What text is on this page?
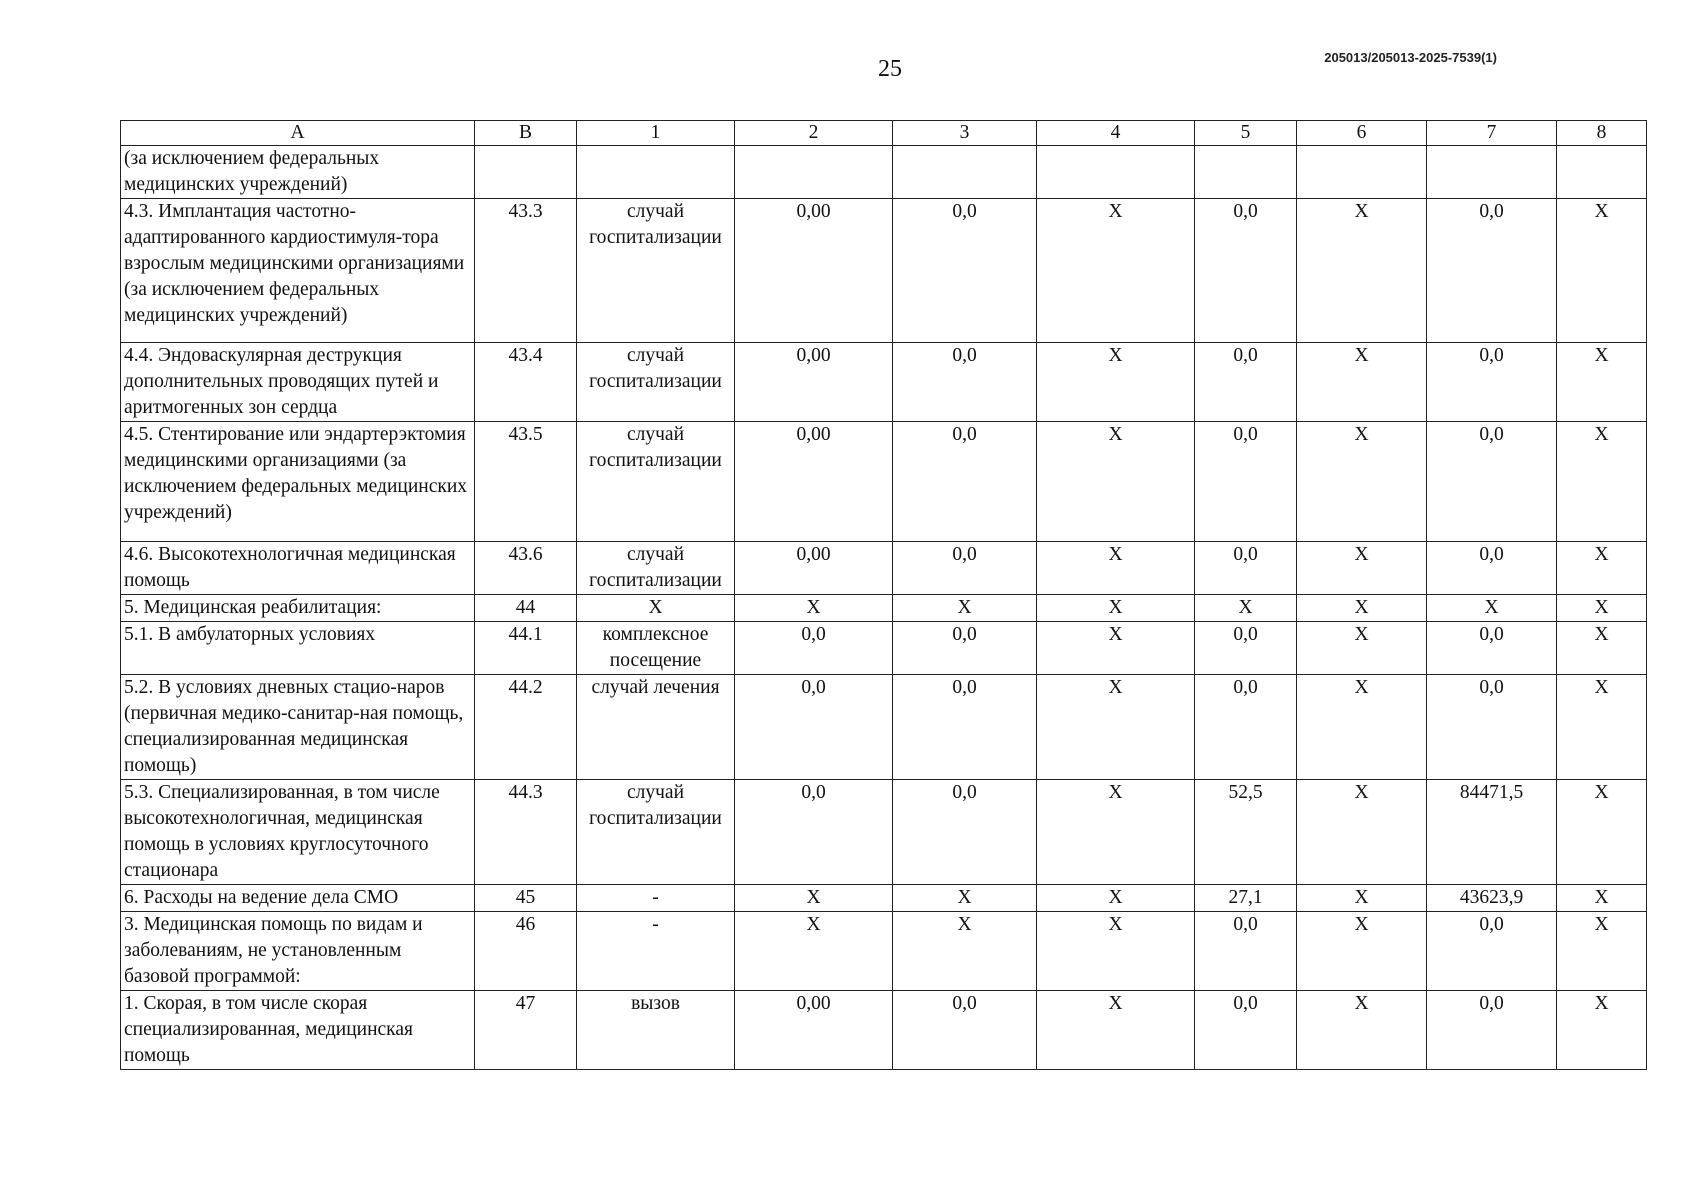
25	205013/205013-2025-7539(1)
А	В	1	2	3	4	5	6	7	8
(за исключением федеральных медицинских учреждений)									
4.3. Имплантация частотно-адаптированного кардиостимуля-тора взрослым медицинскими организациями (за исключением федеральных медицинских учреждений)	43.3	случай госпитализации	0,00	0,0	X	0,0	X	0,0	X
4.4. Эндоваскулярная деструкция дополнительных проводящих путей и аритмогенных зон сердца	43.4	случай госпитализации	0,00	0,0	X	0,0	X	0,0	X
4.5. Стентирование или эндартерэктомия медицинскими организациями (за исключением федеральных медицинских учреждений)	43.5	случай госпитализации	0,00	0,0	X	0,0	X	0,0	X
4.6. Высокотехнологичная медицинская помощь	43.6	случай госпитализации	0,00	0,0	X	0,0	X	0,0	X
5. Медицинская реабилитация:	44	X	X	X	X	X	X	X	X
5.1. В амбулаторных условиях	44.1	комплексное посещение	0,0	0,0	X	0,0	X	0,0	X
5.2. В условиях дневных стацио-наров (первичная медико-санитар-ная помощь, специализированная медицинская помощь)	44.2	случай лечения	0,0	0,0	X	0,0	X	0,0	X
5.3. Специализированная, в том числе высокотехнологичная, медицинская помощь в условиях круглосуточного стационара	44.3	случай госпитализации	0,0	0,0	X	52,5	X	84471,5	X
6. Расходы на ведение дела СМО	45	-	X	X	X	27,1	X	43623,9	X
3. Медицинская помощь по видам и заболеваниям, не установленным базовой программой:	46	-	X	X	X	0,0	X	0,0	X
1. Скорая, в том числе скорая специализированная, медицинская помощь	47	вызов	0,00	0,0	X	0,0	X	0,0	X
